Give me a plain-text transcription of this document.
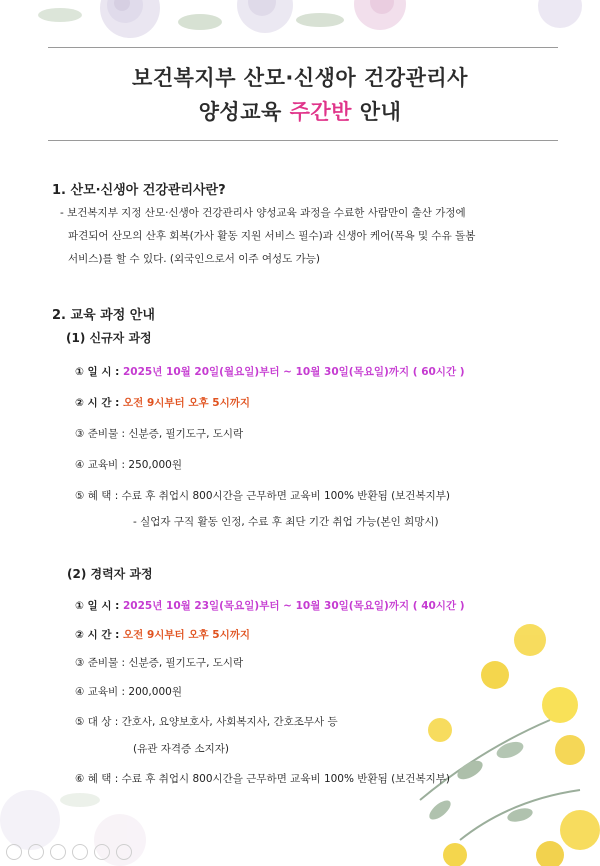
보건복지부 산모·신생아 건강관리사
양성교육 주간반 안내
1. 산모·신생아 건강관리사란?
- 보건복지부 지정 산모·신생아 건강관리사 양성교육 과정을 수료한 사람만이 출산 가정에
파견되어 산모의 산후 회복(가사 활동 지원 서비스 필수)과 신생아 케어(목욕 및 수유 돌봄
서비스)를 할 수 있다. (외국인으로서 이주 여성도 가능)
2. 교육 과정 안내
(1) 신규자 과정
① 일 시 : 2025년 10월 20일(월요일)부터 ~ 10월 30일(목요일)까지 ( 60시간 )
② 시 간 : 오전 9시부터 오후 5시까지
③ 준비물 : 신분증, 필기도구, 도시락
④ 교육비 : 250,000원
⑤ 혜 택 : 수료 후 취업시 800시간을 근무하면 교육비 100% 반환됨 (보건복지부)
- 실업자 구직 활동 인정, 수료 후 최단 기간 취업 가능(본인 희망시)
(2) 경력자 과정
① 일 시 : 2025년 10월 23일(목요일)부터 ~ 10월 30일(목요일)까지 ( 40시간 )
② 시 간 : 오전 9시부터 오후 5시까지
③ 준비물 : 신분증, 필기도구, 도시락
④ 교육비 : 200,000원
⑤ 대 상 : 간호사, 요양보호사, 사회복지사, 간호조무사 등
(유관 자격증 소지자)
⑥ 혜 택 : 수료 후 취업시 800시간을 근무하면 교육비 100% 반환됨 (보건복지부)
